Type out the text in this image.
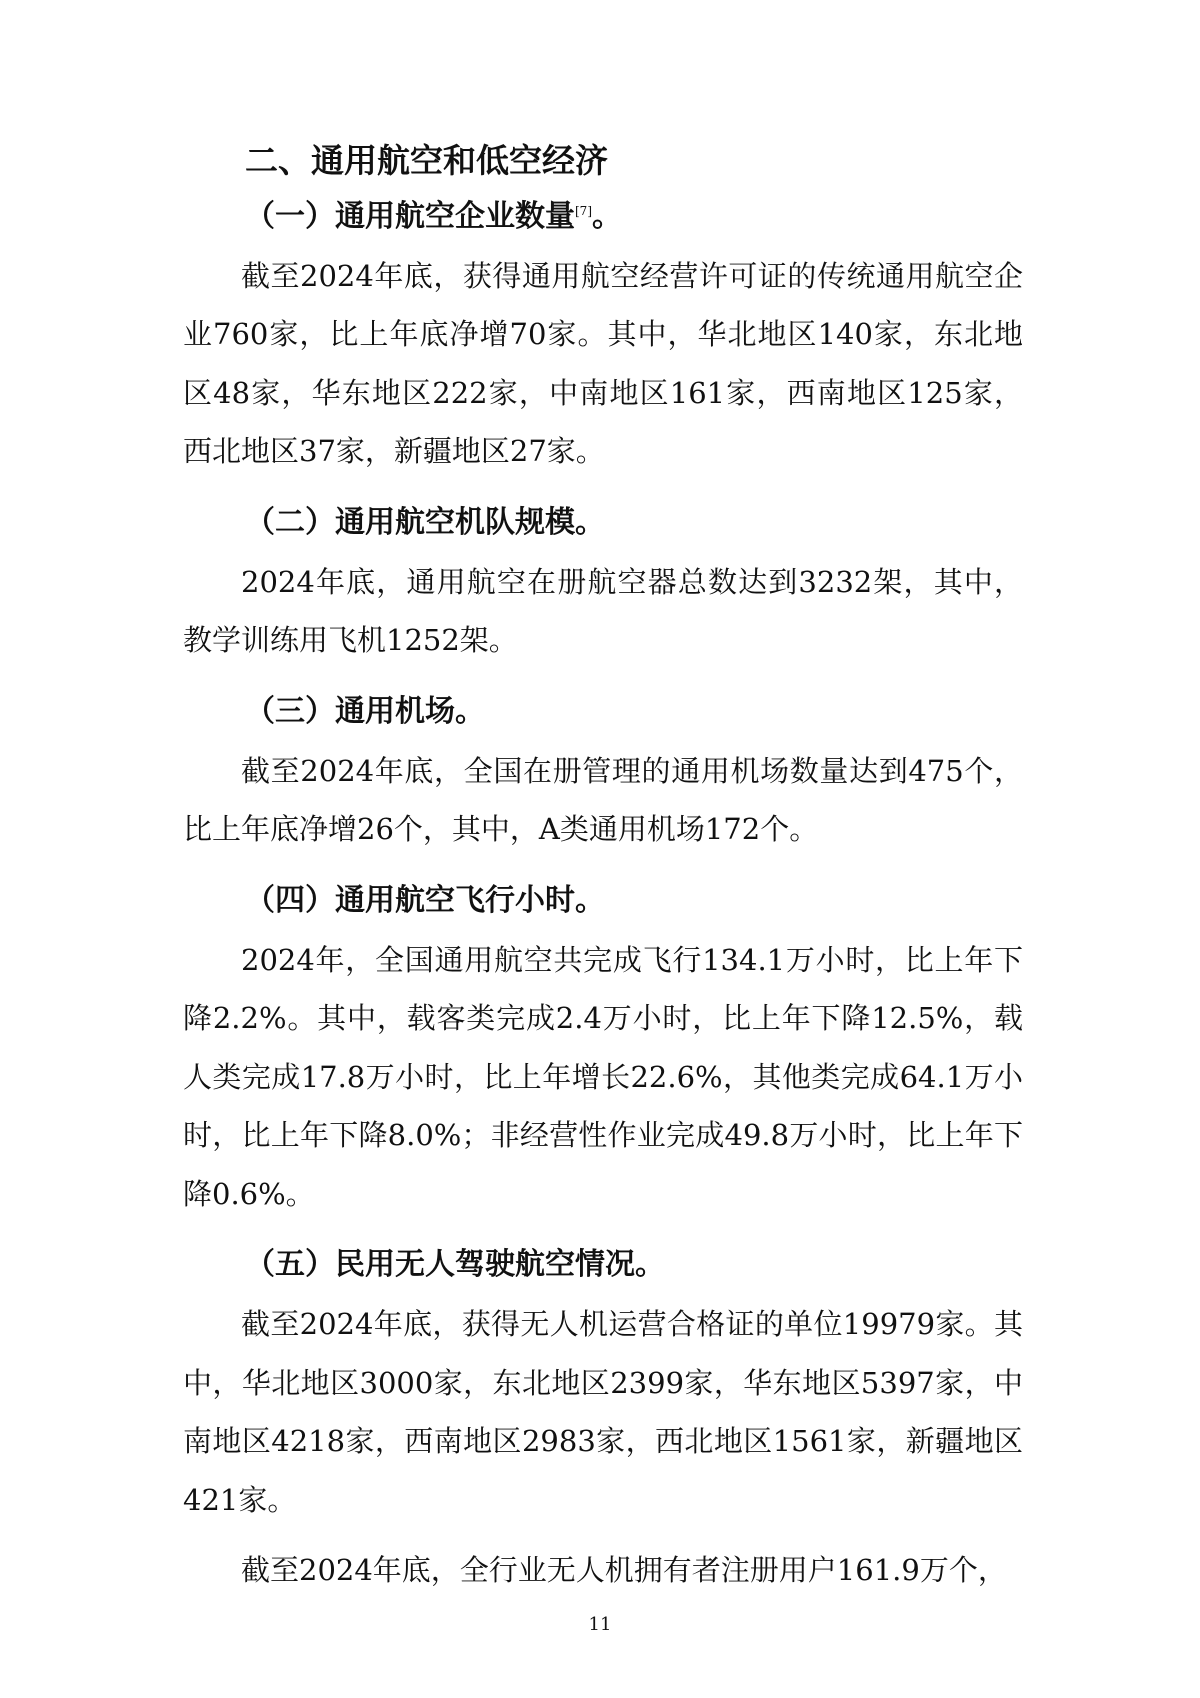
二、通用航空和低空经济
（一）通用航空企业数量[7]。

截至2024年底，获得通用航空经营许可证的传统通用航空企业760家，比上年底净增70家。其中，华北地区140家，东北地区48家，华东地区222家，中南地区161家，西南地区125家，西北地区37家，新疆地区27家。

（二）通用航空机队规模。

2024年底，通用航空在册航空器总数达到3232架，其中，教学训练用飞机1252架。

（三）通用机场。

截至2024年底，全国在册管理的通用机场数量达到475个，比上年底净增26个，其中，A类通用机场172个。

（四）通用航空飞行小时。

2024年，全国通用航空共完成飞行134.1万小时，比上年下降2.2%。其中，载客类完成2.4万小时，比上年下降12.5%，载人类完成17.8万小时，比上年增长22.6%，其他类完成64.1万小时，比上年下降8.0%；非经营性作业完成49.8万小时，比上年下降0.6%。

（五）民用无人驾驶航空情况。

截至2024年底，获得无人机运营合格证的单位19979家。其中，华北地区3000家，东北地区2399家，华东地区5397家，中南地区4218家，西南地区2983家，西北地区1561家，新疆地区421家。

截至2024年底，全行业无人机拥有者注册用户161.9万个，

11
